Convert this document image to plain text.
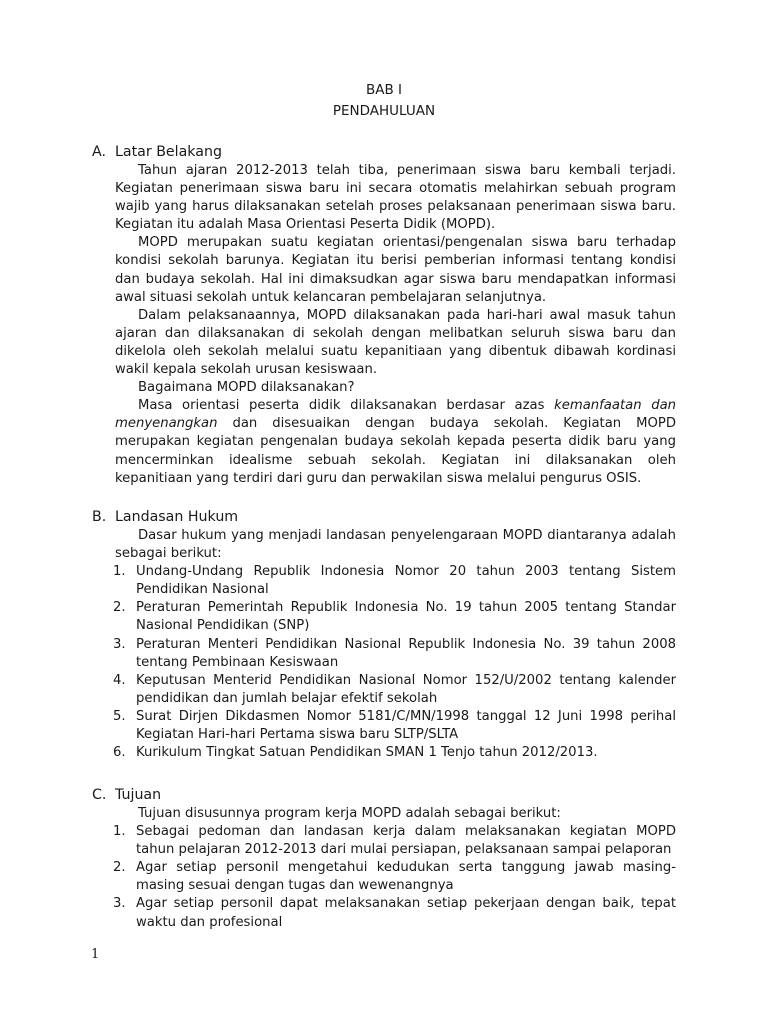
BAB I
PENDAHULUAN
A. Latar Belakang
Tahun ajaran 2012-2013 telah tiba, penerimaan siswa baru kembali terjadi. Kegiatan penerimaan siswa baru ini secara otomatis melahirkan sebuah program wajib yang harus dilaksanakan setelah proses pelaksanaan penerimaan siswa baru. Kegiatan itu adalah Masa Orientasi Peserta Didik (MOPD).
MOPD merupakan suatu kegiatan orientasi/pengenalan siswa baru terhadap kondisi sekolah barunya. Kegiatan itu berisi pemberian informasi tentang kondisi dan budaya sekolah. Hal ini dimaksudkan agar siswa baru mendapatkan informasi awal situasi sekolah untuk kelancaran pembelajaran selanjutnya.
Dalam pelaksanaannya, MOPD dilaksanakan pada hari-hari awal masuk tahun ajaran dan dilaksanakan di sekolah dengan melibatkan seluruh siswa baru dan dikelola oleh sekolah melalui suatu kepanitiaan yang dibentuk dibawah kordinasi wakil kepala sekolah urusan kesiswaan.
Bagaimana MOPD dilaksanakan?
Masa orientasi peserta didik dilaksanakan berdasar azas kemanfaatan dan menyenangkan dan disesuaikan dengan budaya sekolah. Kegiatan MOPD merupakan kegiatan pengenalan budaya sekolah kepada peserta didik baru yang mencerminkan idealisme sebuah sekolah. Kegiatan ini dilaksanakan oleh kepanitiaan yang terdiri dari guru dan perwakilan siswa melalui pengurus OSIS.
B. Landasan Hukum
Dasar hukum yang menjadi landasan penyelengaraan MOPD diantaranya adalah sebagai berikut:
1. Undang-Undang Republik Indonesia Nomor 20 tahun 2003 tentang Sistem Pendidikan Nasional
2. Peraturan Pemerintah Republik Indonesia No. 19 tahun 2005 tentang Standar Nasional Pendidikan (SNP)
3. Peraturan Menteri Pendidikan Nasional Republik Indonesia No. 39 tahun 2008 tentang Pembinaan Kesiswaan
4. Keputusan Menterid Pendidikan Nasional Nomor 152/U/2002 tentang kalender pendidikan dan jumlah belajar efektif sekolah
5. Surat Dirjen Dikdasmen Nomor 5181/C/MN/1998 tanggal 12 Juni 1998 perihal Kegiatan Hari-hari Pertama siswa baru SLTP/SLTA
6. Kurikulum Tingkat Satuan Pendidikan SMAN 1 Tenjo tahun 2012/2013.
C. Tujuan
Tujuan disusunnya program kerja MOPD adalah sebagai berikut:
1. Sebagai pedoman dan landasan kerja dalam melaksanakan kegiatan MOPD tahun pelajaran 2012-2013 dari mulai persiapan, pelaksanaan sampai pelaporan
2. Agar setiap personil mengetahui kedudukan serta tanggung jawab masing-masing sesuai dengan tugas dan wewenangnya
3. Agar setiap personil dapat melaksanakan setiap pekerjaan dengan baik, tepat waktu dan profesional
1
